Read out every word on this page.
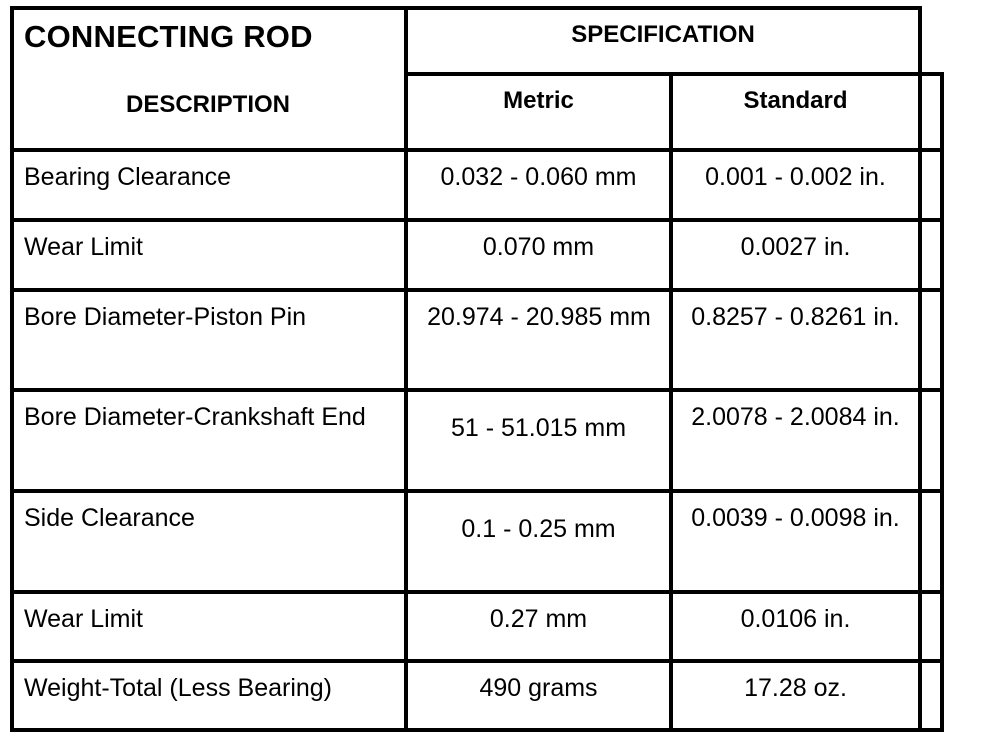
CONNECTING ROD	SPECIFICATION
DESCRIPTION	Metric	Standard
Bearing Clearance	0.032 - 0.060 mm	0.001 - 0.002 in.
Wear Limit	0.070 mm	0.0027 in.
Bore Diameter-Piston Pin	20.974 - 20.985 mm	0.8257 - 0.8261 in.
Bore Diameter-Crankshaft End	51 - 51.015 mm	2.0078 - 2.0084 in.
Side Clearance	0.1 - 0.25 mm	0.0039 - 0.0098 in.
Wear Limit	0.27 mm	0.0106 in.
Weight-Total (Less Bearing)	490 grams	17.28 oz.
